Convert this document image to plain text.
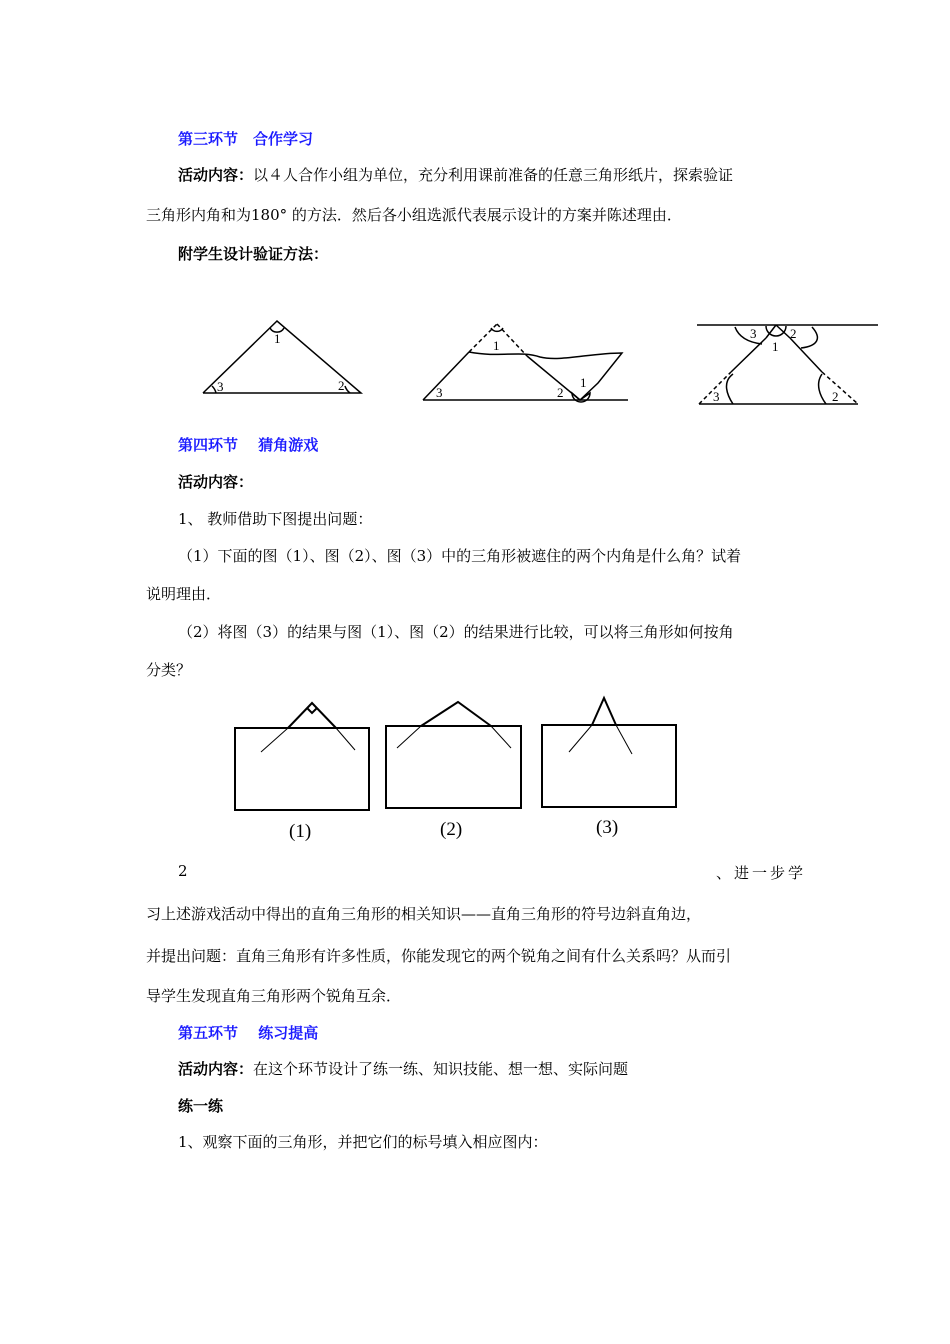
第三环节　合作学习
活动内容：以４人合作小组为单位，充分利用课前准备的任意三角形纸片，探索验证
三角形内角和为180° 的方法．然后各小组选派代表展示设计的方案并陈述理由．
附学生设计验证方法：
1
2
3
1
1
2
3
3	2
1
3	2
第四环节　 猜角游戏
活动内容：
1、 教师借助下图提出问题：
（1）下面的图（1）、图（2）、图（3）中的三角形被遮住的两个内角是什么角？试着
说明理由．
（2）将图（3）的结果与图（1）、图（2）的结果进行比较，可以将三角形如何按角
分类？
(1)	(2)	(3)
2	、进一步学
习上述游戏活动中得出的直角三角形的相关知识——直角三角形的符号边斜直角边，
并提出问题：直角三角形有许多性质，你能发现它的两个锐角之间有什么关系吗？从而引
导学生发现直角三角形两个锐角互余．
第五环节　 练习提高
活动内容：在这个环节设计了练一练、知识技能、想一想、实际问题
练一练
1、观察下面的三角形，并把它们的标号填入相应图内：
